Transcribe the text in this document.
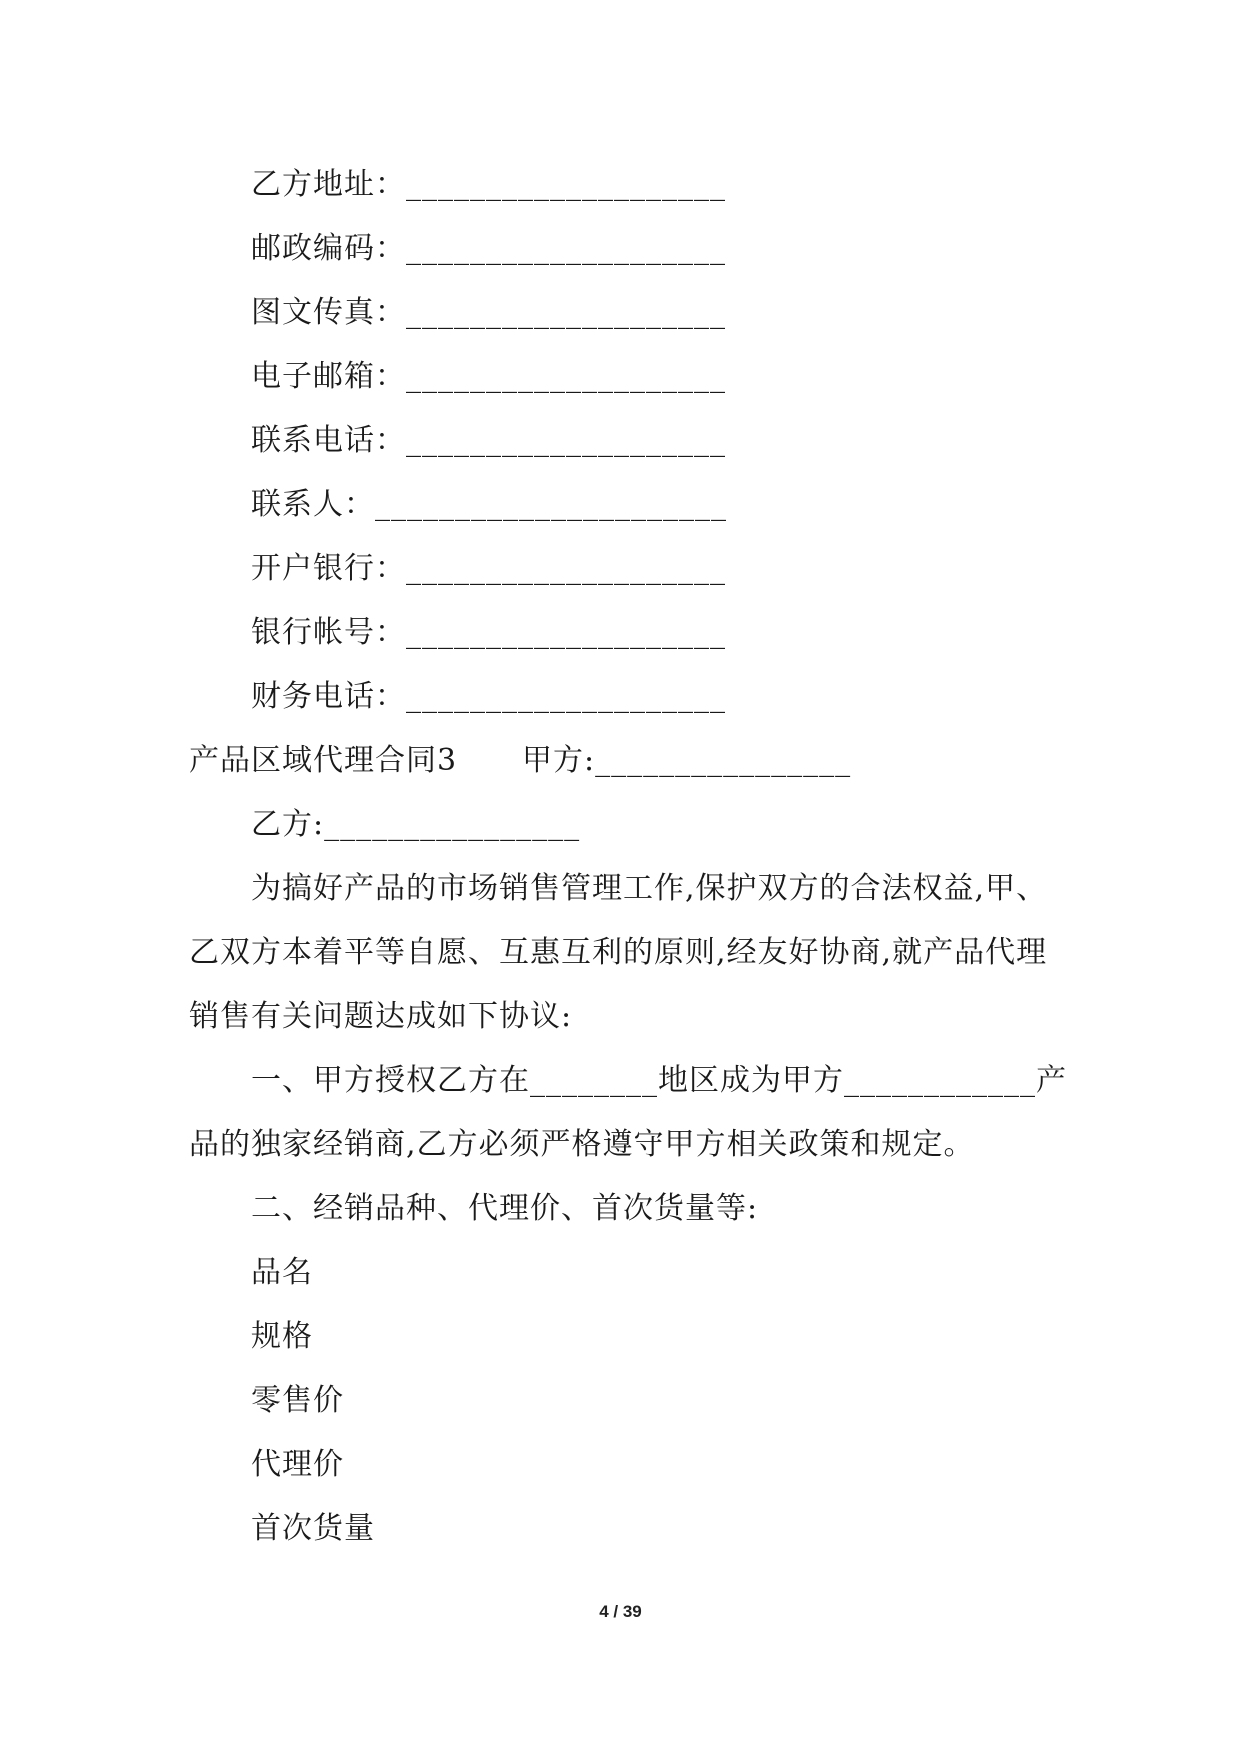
乙方地址：____________________
邮政编码：____________________
图文传真：____________________
电子邮箱：____________________
联系电话：____________________
联系人：______________________
开户银行：____________________
银行帐号：____________________
财务电话：____________________
产品区域代理合同3 甲方:________________
乙方:________________
为搞好产品的市场销售管理工作,保护双方的合法权益,甲、
乙双方本着平等自愿、互惠互利的原则,经友好协商,就产品代理
销售有关问题达成如下协议:
一、甲方授权乙方在________地区成为甲方____________产
品的独家经销商,乙方必须严格遵守甲方相关政策和规定。
二、经销品种、代理价、首次货量等:
品名
规格
零售价
代理价
首次货量
4 / 39
